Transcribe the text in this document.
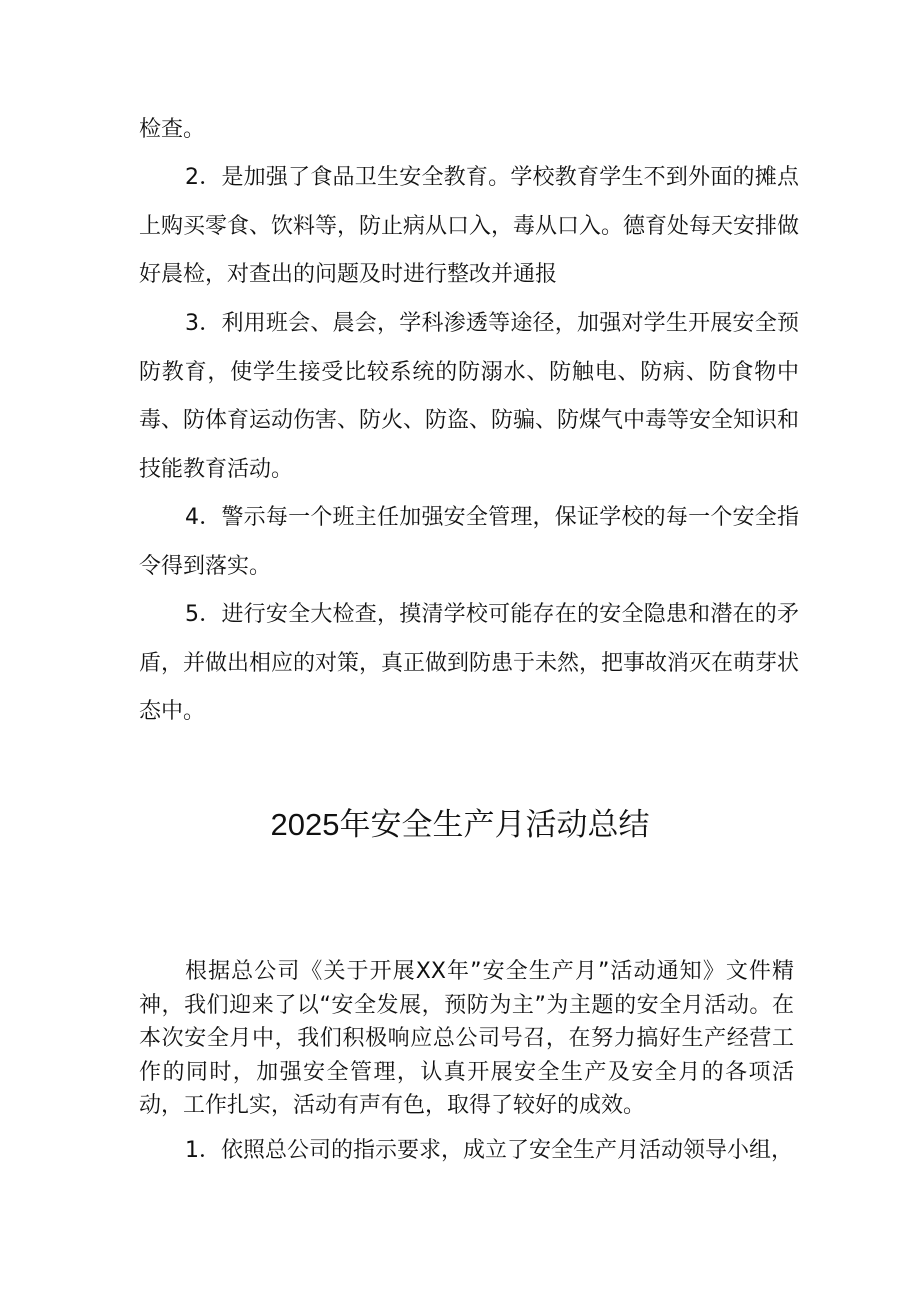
检查。

2．是加强了食品卫生安全教育。学校教育学生不到外面的摊点上购买零食、饮料等，防止病从口入，毒从口入。德育处每天安排做好晨检，对查出的问题及时进行整改并通报

3．利用班会、晨会，学科渗透等途径，加强对学生开展安全预防教育，使学生接受比较系统的防溺水、防触电、防病、防食物中毒、防体育运动伤害、防火、防盗、防骗、防煤气中毒等安全知识和技能教育活动。

4．警示每一个班主任加强安全管理，保证学校的每一个安全指令得到落实。

5．进行安全大检查，摸清学校可能存在的安全隐患和潜在的矛盾，并做出相应的对策，真正做到防患于未然，把事故消灭在萌芽状态中。

2025年安全生产月活动总结

根据总公司《关于开展XX年”安全生产月”活动通知》文件精神，我们迎来了以“安全发展，预防为主”为主题的安全月活动。在本次安全月中，我们积极响应总公司号召，在努力搞好生产经营工作的同时，加强安全管理，认真开展安全生产及安全月的各项活动，工作扎实，活动有声有色，取得了较好的成效。

1．依照总公司的指示要求，成立了安全生产月活动领导小组，
